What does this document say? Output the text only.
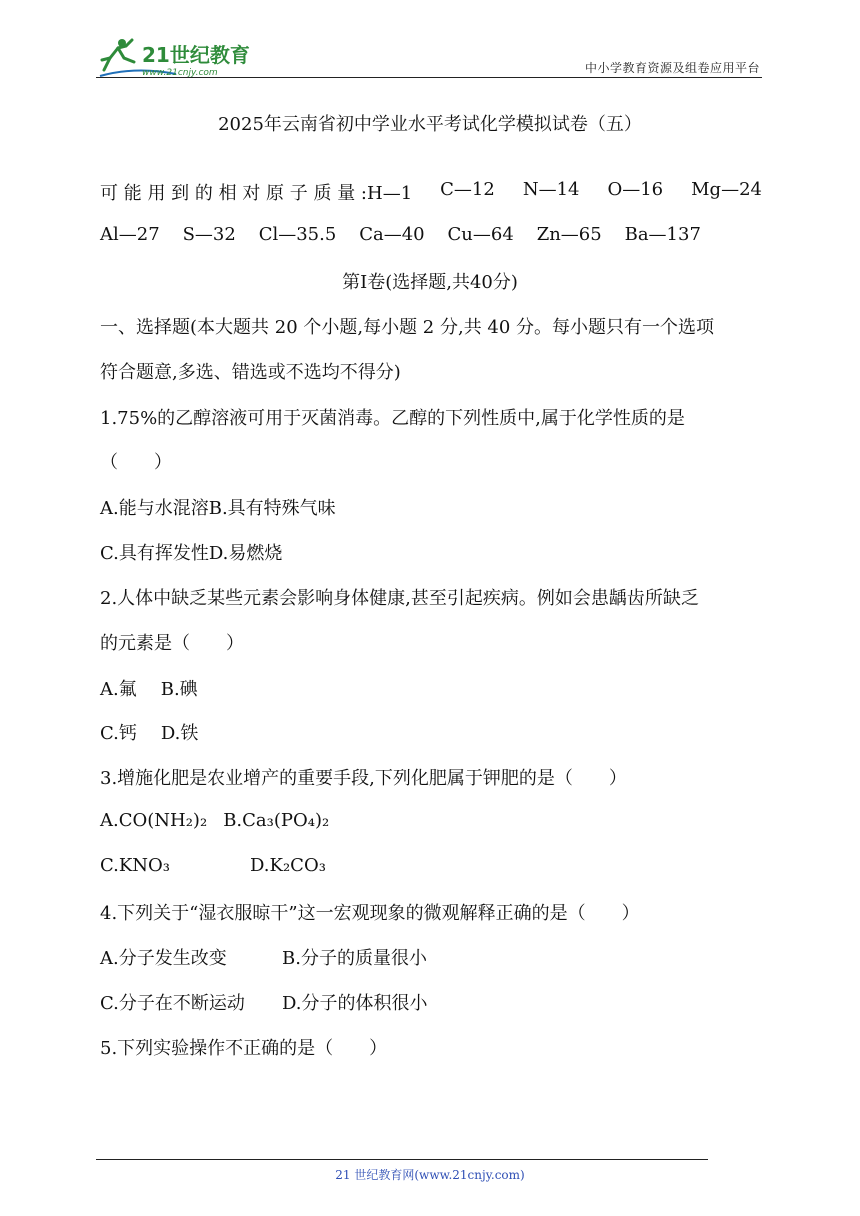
21世纪教育
www.21cnjy.com	中小学教育资源及组卷应用平台
2025年云南省初中学业水平考试化学模拟试卷（五）
可 能 用 到 的 相 对 原 子 质 量 :H—1 C—12 N—14 O—16 Mg—24
Al—27 S—32 Cl—35.5 Ca—40 Cu—64 Zn—65 Ba—137
第Ⅰ卷(选择题,共40分)
一、选择题(本大题共 20 个小题,每小题 2 分,共 40 分。每小题只有一个选项
符合题意,多选、错选或不选均不得分)
1.75%的乙醇溶液可用于灭菌消毒。乙醇的下列性质中,属于化学性质的是
（　　）
A.能与水混溶B.具有特殊气味
C.具有挥发性D.易燃烧
2.人体中缺乏某些元素会影响身体健康,甚至引起疾病。例如会患龋齿所缺乏
的元素是（　　）
A.氟 B.碘
C.钙 D.铁
3.增施化肥是农业增产的重要手段,下列化肥属于钾肥的是（　　）
A.CO(NH₂)₂ B.Ca₃(PO₄)₂
C.KNO₃	D.K₂CO₃
4.下列关于“湿衣服晾干”这一宏观现象的微观解释正确的是（　　）
A.分子发生改变	B.分子的质量很小
C.分子在不断运动 D.分子的体积很小
5.下列实验操作不正确的是（　　）
21 世纪教育网(www.21cnjy.com)
